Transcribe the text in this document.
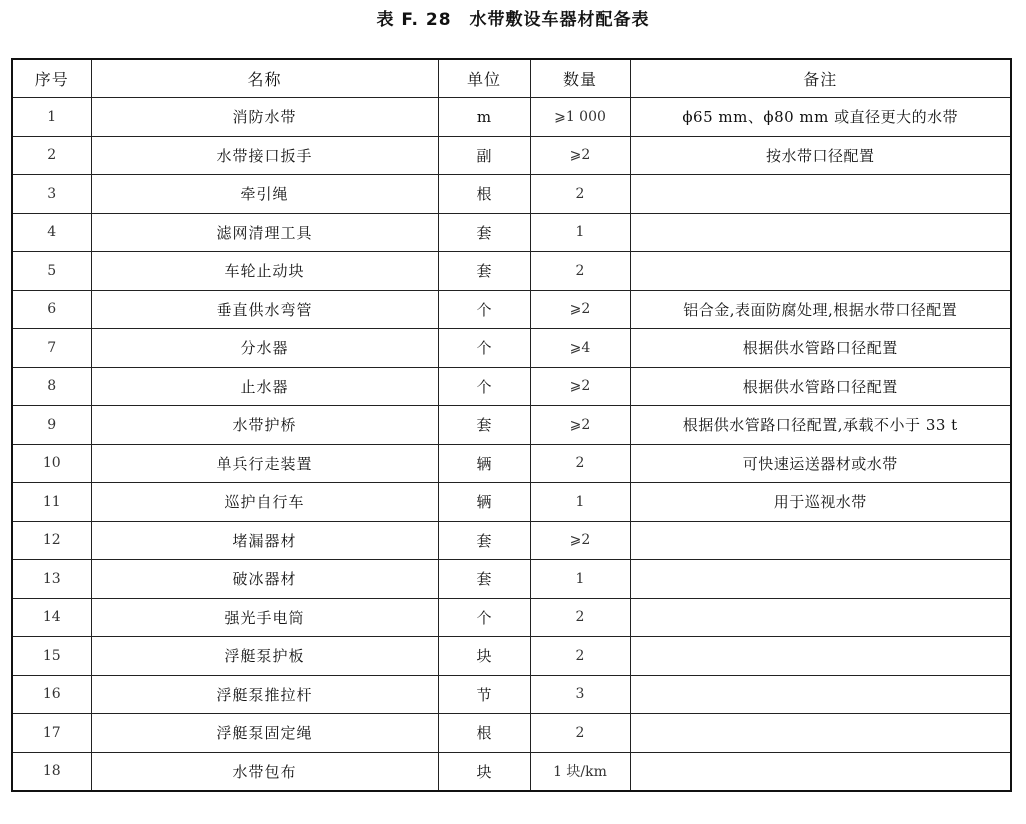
表 F. 28　水带敷设车器材配备表
序号	名称	单位	数量	备注
1	消防水带	m	⩾1 000	ϕ65 mm、ϕ80 mm 或直径更大的水带
2	水带接口扳手	副	⩾2	按水带口径配置
3	牵引绳	根	2	
4	滤网清理工具	套	1	
5	车轮止动块	套	2	
6	垂直供水弯管	个	⩾2	铝合金,表面防腐处理,根据水带口径配置
7	分水器	个	⩾4	根据供水管路口径配置
8	止水器	个	⩾2	根据供水管路口径配置
9	水带护桥	套	⩾2	根据供水管路口径配置,承载不小于 33 t
10	单兵行走装置	辆	2	可快速运送器材或水带
11	巡护自行车	辆	1	用于巡视水带
12	堵漏器材	套	⩾2	
13	破冰器材	套	1	
14	强光手电筒	个	2	
15	浮艇泵护板	块	2	
16	浮艇泵推拉杆	节	3	
17	浮艇泵固定绳	根	2	
18	水带包布	块	1 块/km	
